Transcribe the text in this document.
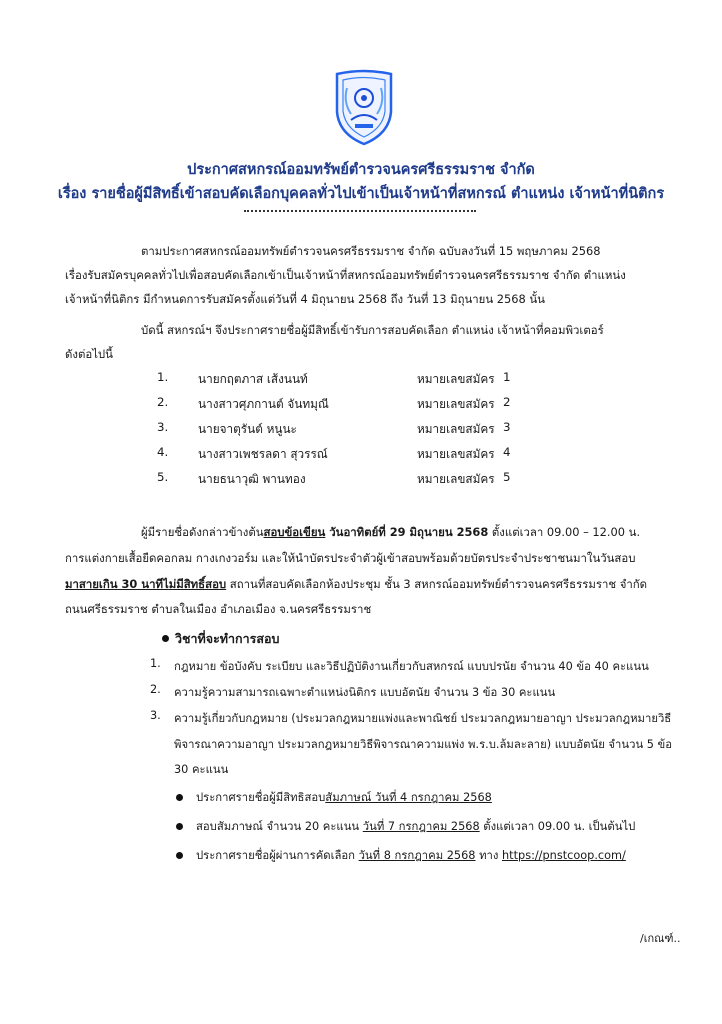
ประกาศสหกรณ์ออมทรัพย์ตำรวจนครศรีธรรมราช จำกัด
เรื่อง รายชื่อผู้มีสิทธิ์เข้าสอบคัดเลือกบุคคลทั่วไปเข้าเป็นเจ้าหน้าที่สหกรณ์ ตำแหน่ง เจ้าหน้าที่นิติกร
ตามประกาศสหกรณ์ออมทรัพย์ตำรวจนครศรีธรรมราช จำกัด ฉบับลงวันที่ 15 พฤษภาคม 2568
เรื่องรับสมัครบุคคลทั่วไปเพื่อสอบคัดเลือกเข้าเป็นเจ้าหน้าที่สหกรณ์ออมทรัพย์ตำรวจนครศรีธรรมราช จำกัด ตำแหน่ง
เจ้าหน้าที่นิติกร มีกำหนดการรับสมัครตั้งแต่วันที่ 4 มิถุนายน 2568 ถึง วันที่ 13 มิถุนายน 2568 นั้น
บัดนี้ สหกรณ์ฯ จึงประกาศรายชื่อผู้มีสิทธิ์เข้ารับการสอบคัดเลือก ตำแหน่ง เจ้าหน้าที่คอมพิวเตอร์
ดังต่อไปนี้
1.	นายกฤตภาส เส้งนนท์	หมายเลขสมัคร 1
2.	นางสาวศุภกานต์ จันทมุณี	หมายเลขสมัคร 2
3.	นายจาตุรันต์ หนูนะ	หมายเลขสมัคร 3
4.	นางสาวเพชรลดา สุวรรณ์	หมายเลขสมัคร 4
5.	นายธนาวุฒิ พานทอง	หมายเลขสมัคร 5
ผู้มีรายชื่อดังกล่าวข้างต้นสอบข้อเขียน วันอาทิตย์ที่ 29 มิถุนายน 2568 ตั้งแต่เวลา 09.00 – 12.00 น.
การแต่งกายเสื้อยืดคอกลม กางเกงวอร์ม และให้นำบัตรประจำตัวผู้เข้าสอบพร้อมด้วยบัตรประจำประชาชนมาในวันสอบ
มาสายเกิน 30 นาทีไม่มีสิทธิ์สอบ สถานที่สอบคัดเลือกห้องประชุม ชั้น 3 สหกรณ์ออมทรัพย์ตำรวจนครศรีธรรมราช จำกัด
ถนนศรีธรรมราช ตำบลในเมือง อำเภอเมือง จ.นครศรีธรรมราช
วิชาที่จะทำการสอบ
1. กฎหมาย ข้อบังคับ ระเบียบ และวิธีปฏิบัติงานเกี่ยวกับสหกรณ์ แบบปรนัย จำนวน 40 ข้อ 40 คะแนน
2. ความรู้ความสามารถเฉพาะตำแหน่งนิติกร แบบอัตนัย จำนวน 3 ข้อ 30 คะแนน
3. ความรู้เกี่ยวกับกฎหมาย (ประมวลกฎหมายแพ่งและพาณิชย์ ประมวลกฎหมายอาญา ประมวลกฎหมายวิธี
พิจารณาความอาญา ประมวลกฎหมายวิธีพิจารณาความแพ่ง พ.ร.บ.ล้มละลาย) แบบอัตนัย จำนวน 5 ข้อ
30 คะแนน
ประกาศรายชื่อผู้มีสิทธิสอบสัมภาษณ์ วันที่ 4 กรกฎาคม 2568
สอบสัมภาษณ์ จำนวน 20 คะแนน วันที่ 7 กรกฎาคม 2568 ตั้งแต่เวลา 09.00 น. เป็นต้นไป
ประกาศรายชื่อผู้ผ่านการคัดเลือก วันที่ 8 กรกฎาคม 2568 ทาง https://pnstcoop.com/
/เกณฑ์..
